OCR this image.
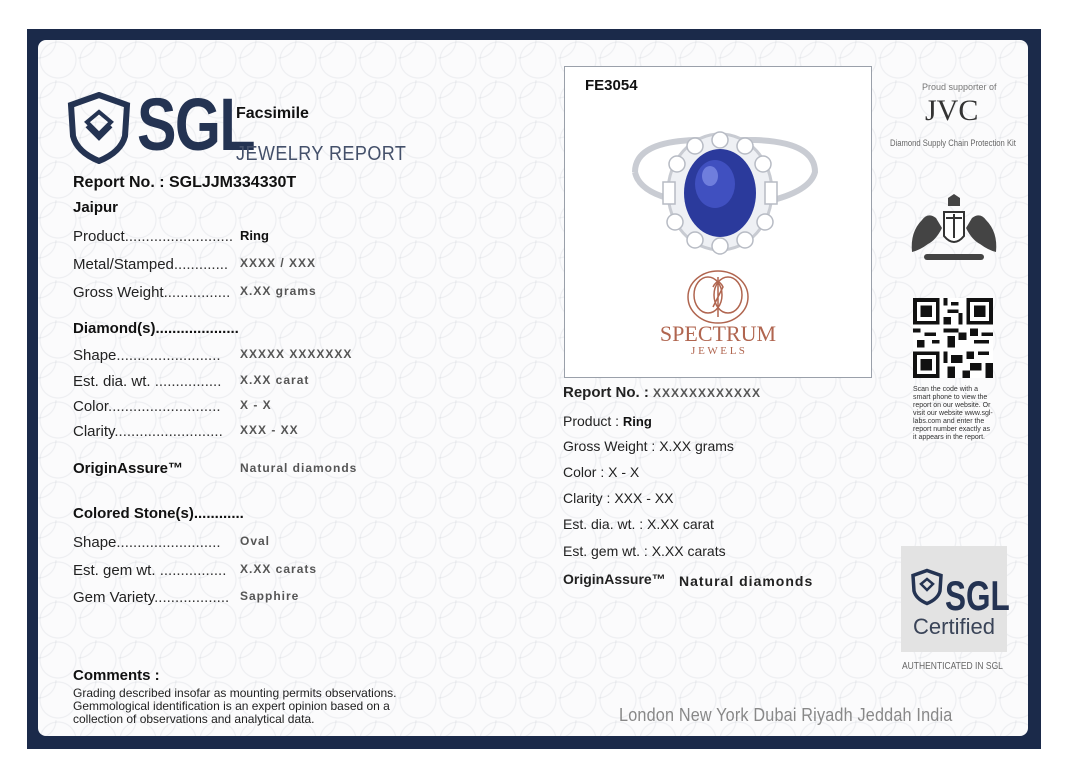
SGL
Facsimile
JEWELRY REPORT
Report No. : SGLJJM334330T
Jaipur
Product.......................... Ring
Metal/Stamped............. XXXX / XXX
Gross Weight................ X.XX grams
Diamond(s)....................
Shape......................... XXXXX XXXXXXX
Est. dia. wt. ................ X.XX carat
Color........................... X - X
Clarity.......................... XXX - XX
OriginAssure™	Natural diamonds
Colored Stone(s)............
Shape......................... Oval
Est. gem wt. ................ X.XX carats
Gem Variety.................. Sapphire
Comments :
Grading described insofar as mounting permits observations. Gemmological identification is an expert opinion based on a collection of observations and analytical data.
FE3054
SPECTRUM
J E W E L S
Report No. : XXXXXXXXXXXX
Product : Ring
Gross Weight : X.XX grams
Color : X - X
Clarity : XXX - XX
Est. dia. wt. : X.XX carat
Est. gem wt. : X.XX carats
OriginAssure™ Natural diamonds
Proud supporter of
JVC
Diamond Supply Chain Protection Kit
Scan the code with a smart phone to view the report on our website. Or visit our website www.sgl-labs.com and enter the report number exactly as it appears in the report.
SGL
Certified
AUTHENTICATED IN SGL
London New York Dubai Riyadh Jeddah India
